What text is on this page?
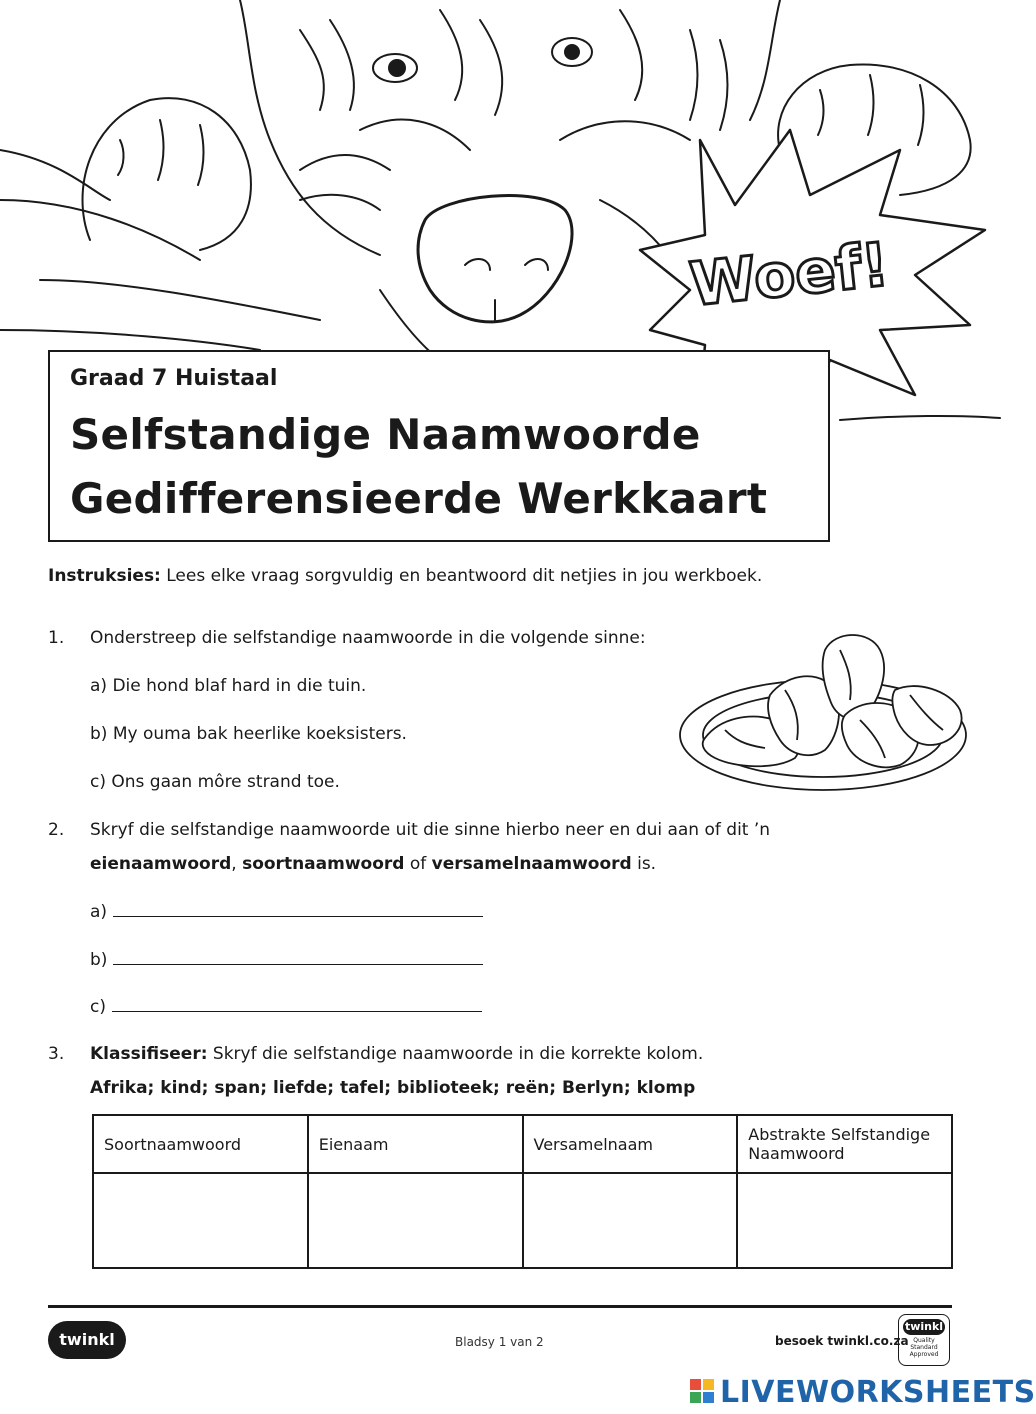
Woef!
Graad 7 Huistaal
Selfstandige Naamwoorde
Gedifferensieerde Werkkaart
Instruksies: Lees elke vraag sorgvuldig en beantwoord dit netjies in jou werkboek.
1. Onderstreep die selfstandige naamwoorde in die volgende sinne:
a) Die hond blaf hard in die tuin.
b) My ouma bak heerlike koeksisters.
c) Ons gaan môre strand toe.
2. Skryf die selfstandige naamwoorde uit die sinne hierbo neer en dui aan of dit ’n
eienaamwoord, soortnaamwoord of versamelnaamwoord is.
a)
b)
c)
3. Klassifiseer: Skryf die selfstandige naamwoorde in die korrekte kolom.
Afrika; kind; span; liefde; tafel; biblioteek; reën; Berlyn; klomp
Soortnaamwoord	Eienaam	Versamelnaam	Abstrakte Selfstandige Naamwoord

twinkl	Bladsy 1 van 2	besoek twinkl.co.za
twinkl
Quality Standard Approved
LIVEWORKSHEETS
